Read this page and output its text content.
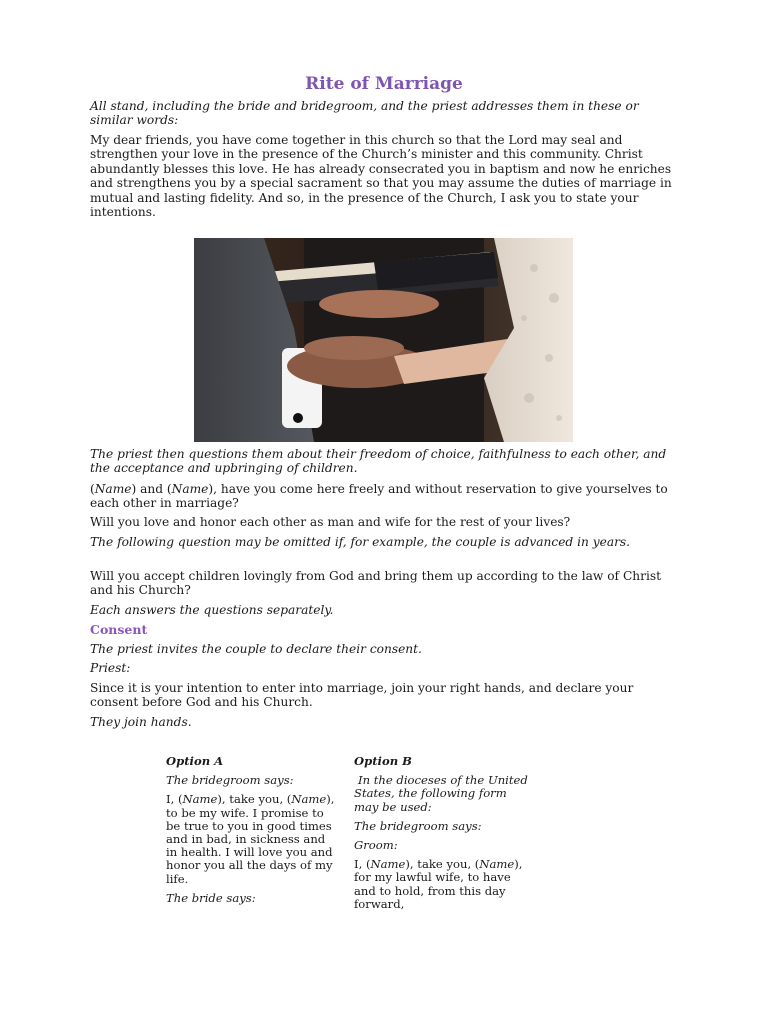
Rite of Marriage

All stand, including the bride and bridegroom, and the priest addresses them in these or similar words:

My dear friends, you have come together in this church so that the Lord may seal and strengthen your love in the presence of the Church’s minister and this community. Christ abundantly blesses this love. He has already consecrated you in baptism and now he enriches and strengthens you by a special sacrament so that you may assume the duties of marriage in mutual and lasting fidelity. And so, in the presence of the Church, I ask you to state your intentions.

The priest then questions them about their freedom of choice, faithfulness to each other, and the acceptance and upbringing of children.

(Name) and (Name), have you come here freely and without reservation to give yourselves to each other in marriage?

Will you love and honor each other as man and wife for the rest of your lives?

The following question may be omitted if, for example, the couple is advanced in years.

Will you accept children lovingly from God and bring them up according to the law of Christ and his Church?

Each answers the questions separately.

Consent

The priest invites the couple to declare their consent.

Priest:

Since it is your intention to enter into marriage, join your right hands, and declare your consent before God and his Church.

They join hands.

Option A

The bridegroom says:

I, (Name), take you, (Name), to be my wife. I promise to be true to you in good times and in bad, in sickness and in health. I will love you and honor you all the days of my life.

The bride says:

Option B

In the dioceses of the United States, the following form may be used:

The bridegroom says:

Groom:

I, (Name), take you, (Name), for my lawful wife, to have and to hold, from this day forward,
